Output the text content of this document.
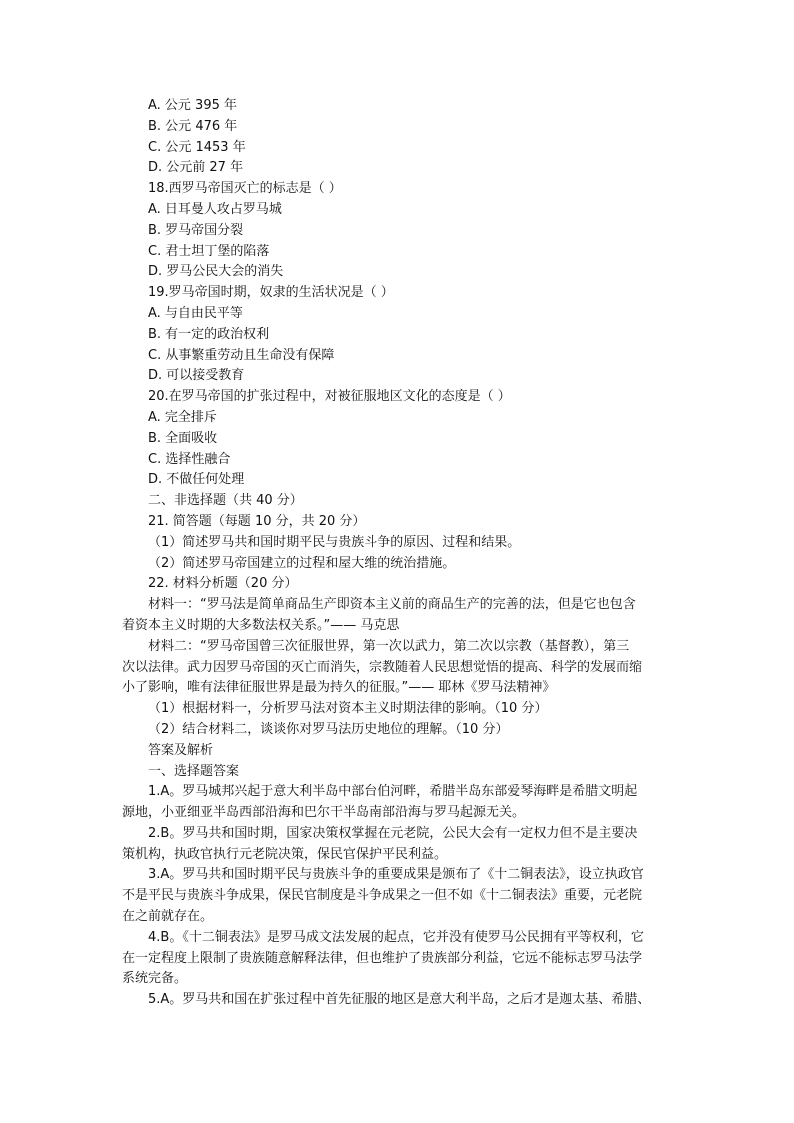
A. 公元 395 年
B. 公元 476 年
C. 公元 1453 年
D. 公元前 27 年
18.西罗马帝国灭亡的标志是（ ）
A. 日耳曼人攻占罗马城
B. 罗马帝国分裂
C. 君士坦丁堡的陷落
D. 罗马公民大会的消失
19.罗马帝国时期，奴隶的生活状况是（ ）
A. 与自由民平等
B. 有一定的政治权利
C. 从事繁重劳动且生命没有保障
D. 可以接受教育
20.在罗马帝国的扩张过程中，对被征服地区文化的态度是（ ）
A. 完全排斥
B. 全面吸收
C. 选择性融合
D. 不做任何处理
二、非选择题（共 40 分）
21. 简答题（每题 10 分，共 20 分）
（1）简述罗马共和国时期平民与贵族斗争的原因、过程和结果。
（2）简述罗马帝国建立的过程和屋大维的统治措施。
22. 材料分析题（20 分）
材料一：“罗马法是简单商品生产即资本主义前的商品生产的完善的法，但是它也包含
着资本主义时期的大多数法权关系。”—— 马克思
材料二：“罗马帝国曾三次征服世界，第一次以武力，第二次以宗教（基督教），第三
次以法律。武力因罗马帝国的灭亡而消失，宗教随着人民思想觉悟的提高、科学的发展而缩
小了影响，唯有法律征服世界是最为持久的征服。”—— 耶林《罗马法精神》
（1）根据材料一，分析罗马法对资本主义时期法律的影响。（10 分）
（2）结合材料二，谈谈你对罗马法历史地位的理解。（10 分）
答案及解析
一、选择题答案
1.A。罗马城邦兴起于意大利半岛中部台伯河畔，希腊半岛东部爱琴海畔是希腊文明起
源地，小亚细亚半岛西部沿海和巴尔干半岛南部沿海与罗马起源无关。
2.B。罗马共和国时期，国家决策权掌握在元老院，公民大会有一定权力但不是主要决
策机构，执政官执行元老院决策，保民官保护平民利益。
3.A。罗马共和国时期平民与贵族斗争的重要成果是颁布了《十二铜表法》，设立执政官
不是平民与贵族斗争成果，保民官制度是斗争成果之一但不如《十二铜表法》重要，元老院
在之前就存在。
4.B。《十二铜表法》是罗马成文法发展的起点，它并没有使罗马公民拥有平等权利，它
在一定程度上限制了贵族随意解释法律，但也维护了贵族部分利益，它远不能标志罗马法学
系统完备。
5.A。罗马共和国在扩张过程中首先征服的地区是意大利半岛，之后才是迦太基、希腊、
